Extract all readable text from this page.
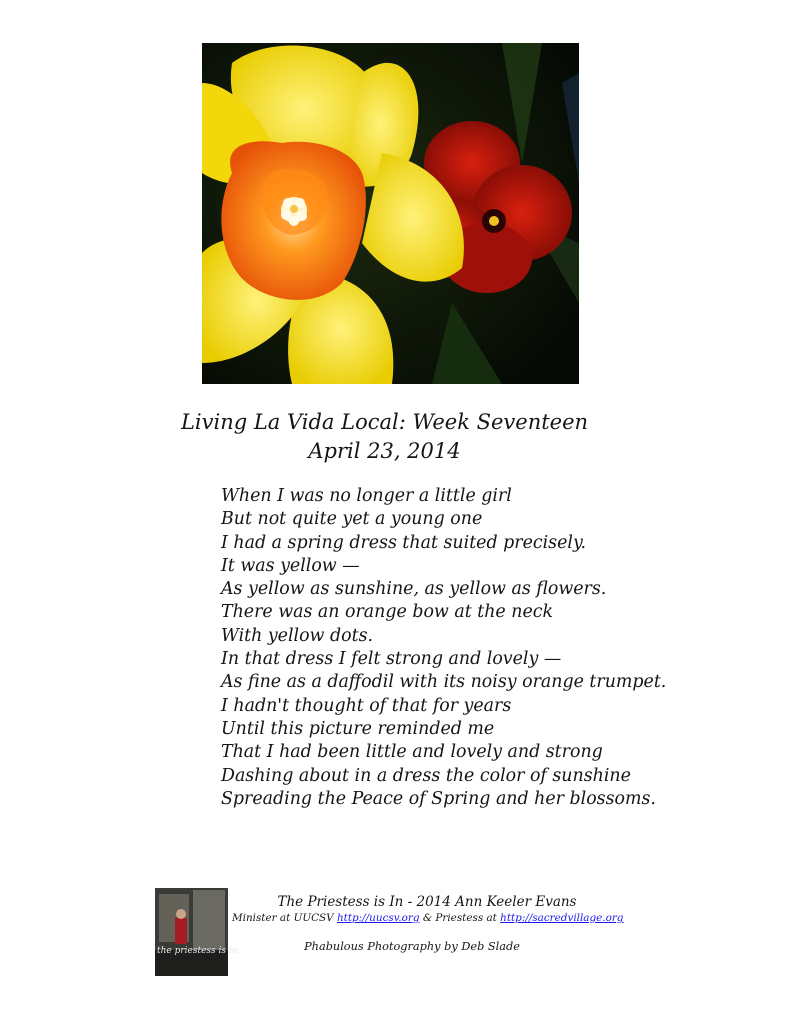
Living La Vida Local: Week Seventeen
April 23, 2014
When I was no longer a little girl
But not quite yet a young one
I had a spring dress that suited precisely.
It was yellow —
As yellow as sunshine, as yellow as flowers.
There was an orange bow at the neck
With yellow dots.
In that dress I felt strong and lovely —
As fine as a daffodil with its noisy orange trumpet.
I hadn't thought of that for years
Until this picture reminded me
That I had been little and lovely and strong
Dashing about in a dress the color of sunshine
Spreading the Peace of Spring and her blossoms.
the priestess is in
The Priestess is In - 2014 Ann Keeler Evans
Minister at UUCSV http://uucsv.org & Priestess at http://sacredvillage.org
Phabulous Photography by Deb Slade
